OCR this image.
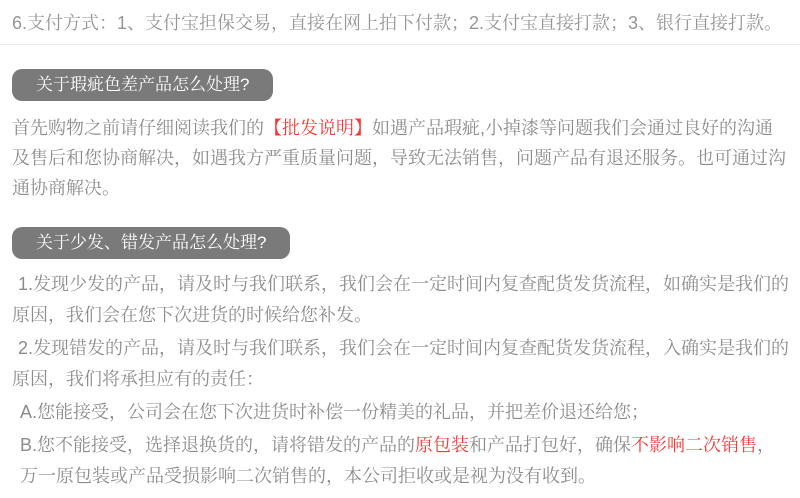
6.支付方式：1、支付宝担保交易，直接在网上拍下付款；2.支付宝直接打款；3、银行直接打款。
关于瑕疵色差产品怎么处理?
首先购物之前请仔细阅读我们的【批发说明】如遇产品瑕疵,小掉漆等问题我们会通过良好的沟通及售后和您协商解决，如遇我方严重质量问题，导致无法销售，问题产品有退还服务。也可通过沟通协商解决。
关于少发、错发产品怎么处理?
1.发现少发的产品，请及时与我们联系，我们会在一定时间内复查配货发货流程，如确实是我们的原因，我们会在您下次进货的时候给您补发。
2.发现错发的产品，请及时与我们联系，我们会在一定时间内复查配货发货流程，入确实是我们的原因，我们将承担应有的责任：
A.您能接受，公司会在您下次进货时补偿一份精美的礼品，并把差价退还给您；
B.您不能接受，选择退换货的，请将错发的产品的原包装和产品打包好，确保不影响二次销售，万一原包装或产品受损影响二次销售的，本公司拒收或是视为没有收到。
